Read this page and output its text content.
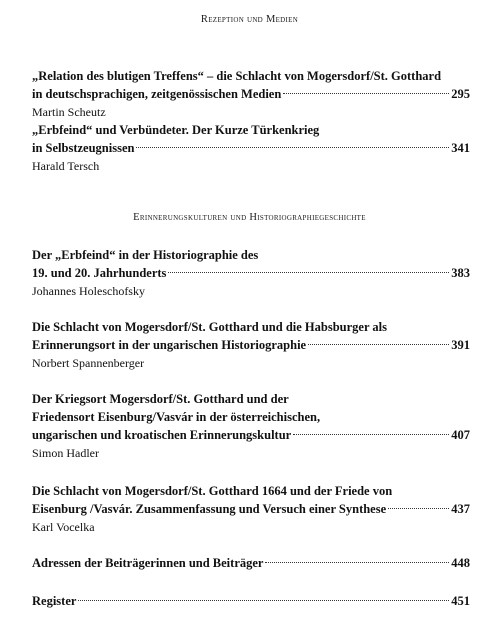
Rezeption und Medien
„Relation des blutigen Treffens“ – die Schlacht von Mogersdorf/St. Gotthard
in deutschsprachigen, zeitgenössischen Medien	295
Martin Scheutz
„Erbfeind“ und Verbündeter. Der Kurze Türkenkrieg
in Selbstzeugnissen	341
Harald Tersch
Erinnerungskulturen und Historiographiegeschichte
Der „Erbfeind“ in der Historiographie des
19. und 20. Jahrhunderts	383
Johannes Holeschofsky
Die Schlacht von Mogersdorf/St. Gotthard und die Habsburger als
Erinnerungsort in der ungarischen Historiographie	391
Norbert Spannenberger
Der Kriegsort Mogersdorf/St. Gotthard und der
Friedensort Eisenburg/Vasvár in der österreichischen,
ungarischen und kroatischen Erinnerungskultur	407
Simon Hadler
Die Schlacht von Mogersdorf/St. Gotthard 1664 und der Friede von
Eisenburg /Vasvár. Zusammenfassung und Versuch einer Synthese	437
Karl Vocelka
Adressen der Beiträgerinnen und Beiträger	448
Register	451
